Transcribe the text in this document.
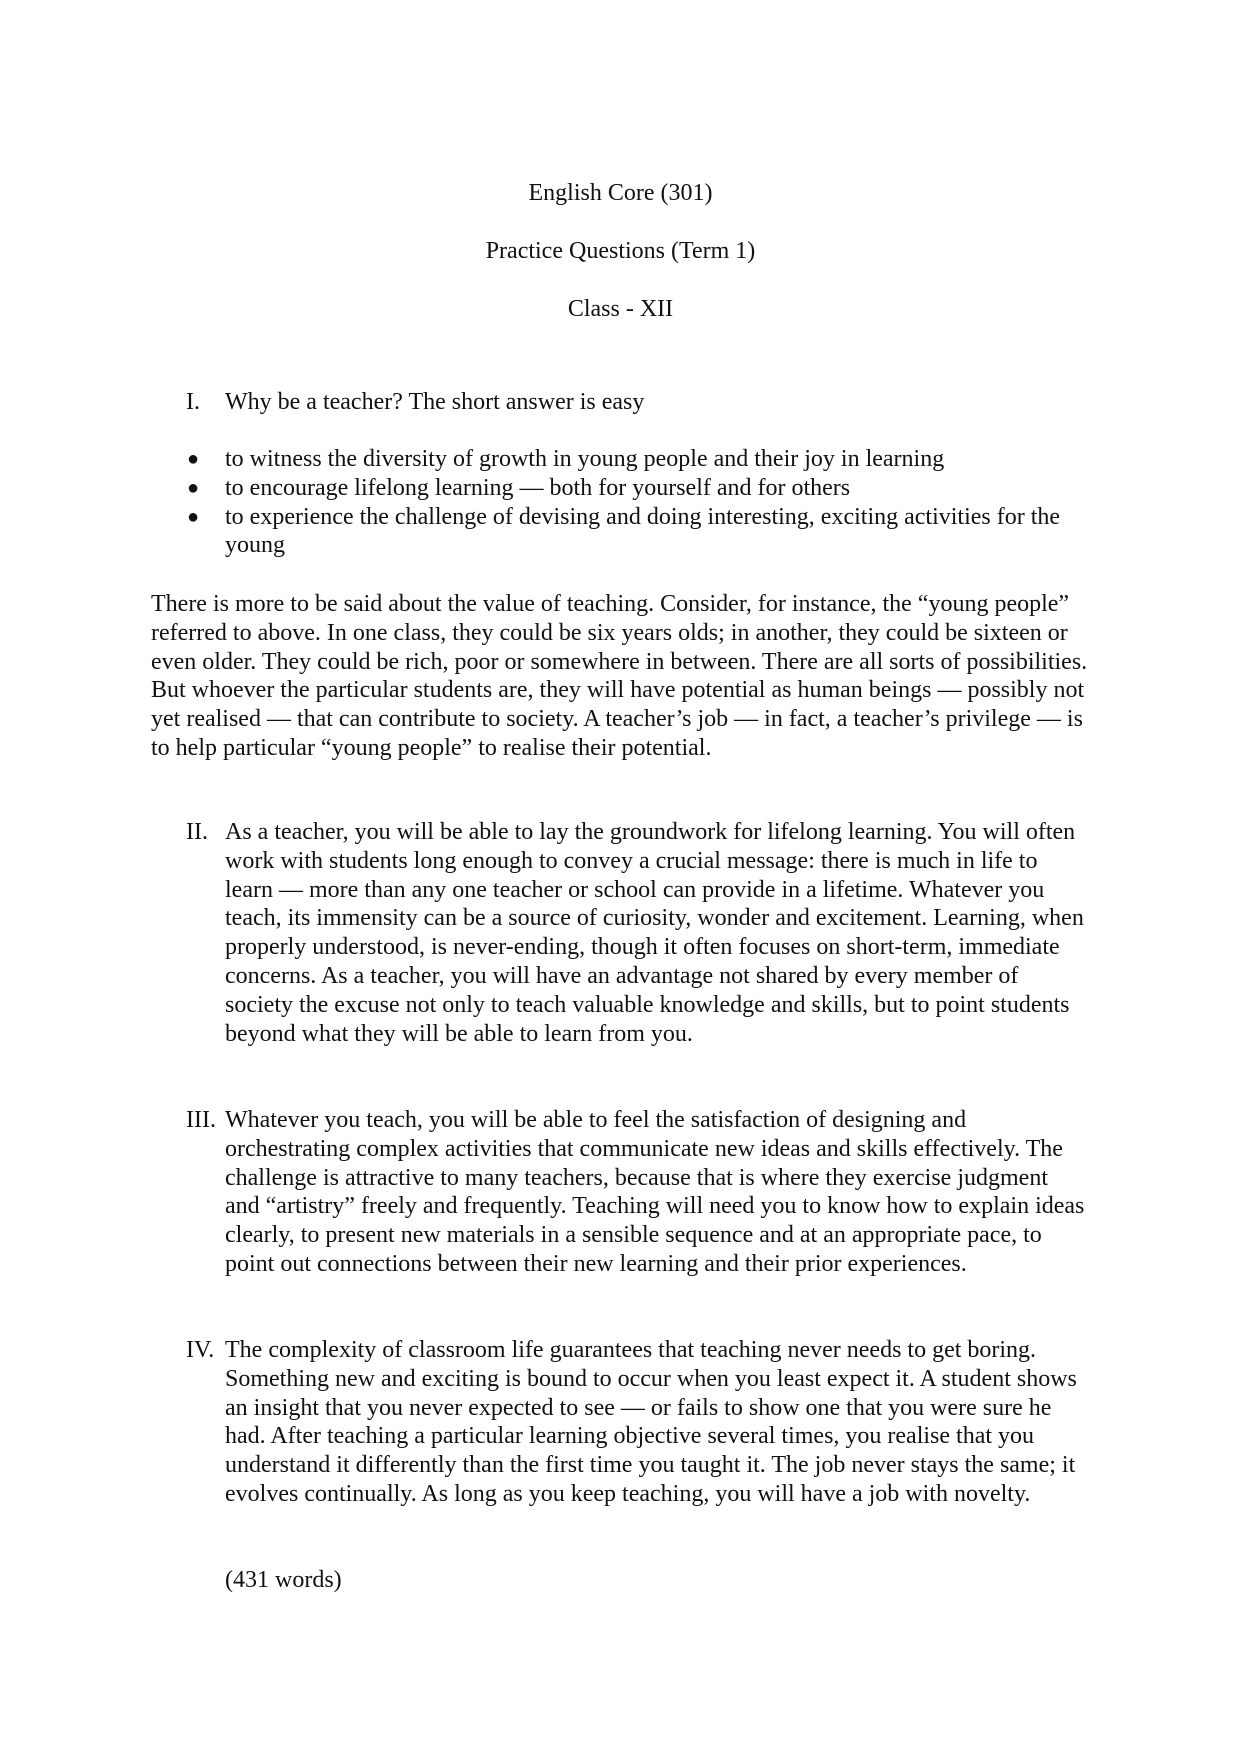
English Core (301)
Practice Questions (Term 1)
Class - XII
I. Why be a teacher? The short answer is easy
● to witness the diversity of growth in young people and their joy in learning
● to encourage lifelong learning — both for yourself and for others
● to experience the challenge of devising and doing interesting, exciting activities for the young

There is more to be said about the value of teaching. Consider, for instance, the “young people” referred to above. In one class, they could be six years olds; in another, they could be sixteen or even older. They could be rich, poor or somewhere in between. There are all sorts of possibilities. But whoever the particular students are, they will have potential as human beings — possibly not yet realised — that can contribute to society. A teacher’s job — in fact, a teacher’s privilege — is to help particular “young people” to realise their potential.

II. As a teacher, you will be able to lay the groundwork for lifelong learning. You will often work with students long enough to convey a crucial message: there is much in life to learn — more than any one teacher or school can provide in a lifetime. Whatever you teach, its immensity can be a source of curiosity, wonder and excitement. Learning, when properly understood, is never-ending, though it often focuses on short-term, immediate concerns. As a teacher, you will have an advantage not shared by every member of society the excuse not only to teach valuable knowledge and skills, but to point students beyond what they will be able to learn from you.
III. Whatever you teach, you will be able to feel the satisfaction of designing and orchestrating complex activities that communicate new ideas and skills effectively. The challenge is attractive to many teachers, because that is where they exercise judgment and “artistry” freely and frequently. Teaching will need you to know how to explain ideas clearly, to present new materials in a sensible sequence and at an appropriate pace, to point out connections between their new learning and their prior experiences.
IV. The complexity of classroom life guarantees that teaching never needs to get boring. Something new and exciting is bound to occur when you least expect it. A student shows an insight that you never expected to see — or fails to show one that you were sure he had. After teaching a particular learning objective several times, you realise that you understand it differently than the first time you taught it. The job never stays the same; it evolves continually. As long as you keep teaching, you will have a job with novelty.
(431 words)
